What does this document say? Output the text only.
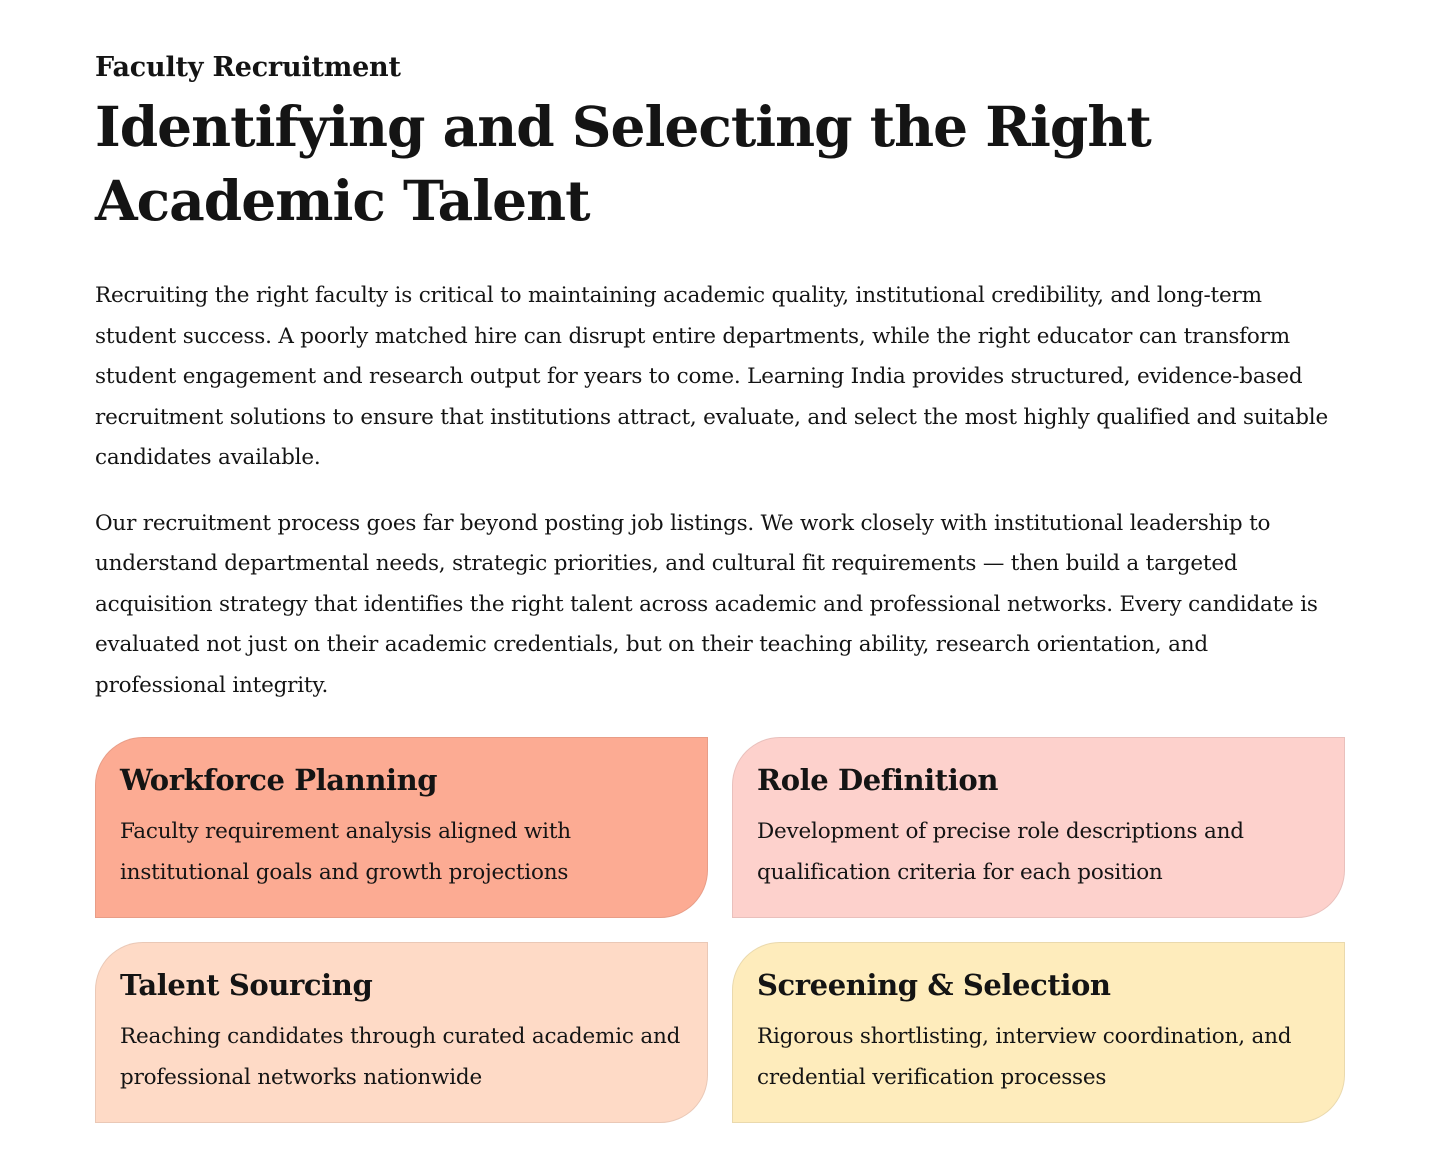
Faculty Recruitment
Identifying and Selecting the Right Academic Talent

Recruiting the right faculty is critical to maintaining academic quality, institutional credibility, and long-term student success. A poorly matched hire can disrupt entire departments, while the right educator can transform student engagement and research output for years to come. Learning India provides structured, evidence-based recruitment solutions to ensure that institutions attract, evaluate, and select the most highly qualified and suitable candidates available.

Our recruitment process goes far beyond posting job listings. We work closely with institutional leadership to understand departmental needs, strategic priorities, and cultural fit requirements — then build a targeted acquisition strategy that identifies the right talent across academic and professional networks. Every candidate is evaluated not just on their academic credentials, but on their teaching ability, research orientation, and professional integrity.

Workforce Planning

Faculty requirement analysis aligned with institutional goals and growth projections

Role Definition

Development of precise role descriptions and qualification criteria for each position

Talent Sourcing

Reaching candidates through curated academic and professional networks nationwide

Screening & Selection

Rigorous shortlisting, interview coordination, and credential verification processes
